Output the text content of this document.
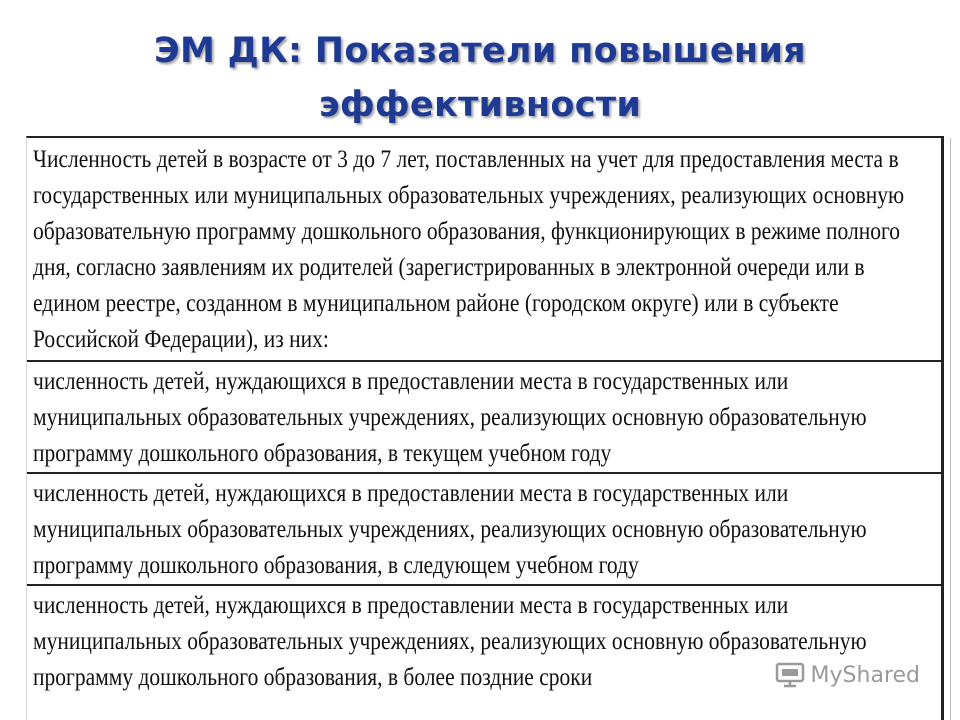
ЭМ ДК: Показатели повышения
эффективности
Численность детей в возрасте от 3 до 7 лет, поставленных на учет для предоставления места в
государственных или муниципальных образовательных учреждениях, реализующих основную
образовательную программу дошкольного образования, функционирующих в режиме полного
дня, согласно заявлениям их родителей (зарегистрированных в электронной очереди или в
едином реестре, созданном в муниципальном районе (городском округе) или в субъекте
Российской Федерации), из них:
численность детей, нуждающихся в предоставлении места в государственных или
муниципальных образовательных учреждениях, реализующих основную образовательную
программу дошкольного образования, в текущем учебном году
численность детей, нуждающихся в предоставлении места в государственных или
муниципальных образовательных учреждениях, реализующих основную образовательную
программу дошкольного образования, в следующем учебном году
численность детей, нуждающихся в предоставлении места в государственных или
муниципальных образовательных учреждениях, реализующих основную образовательную
программу дошкольного образования, в более поздние сроки	MyShared
